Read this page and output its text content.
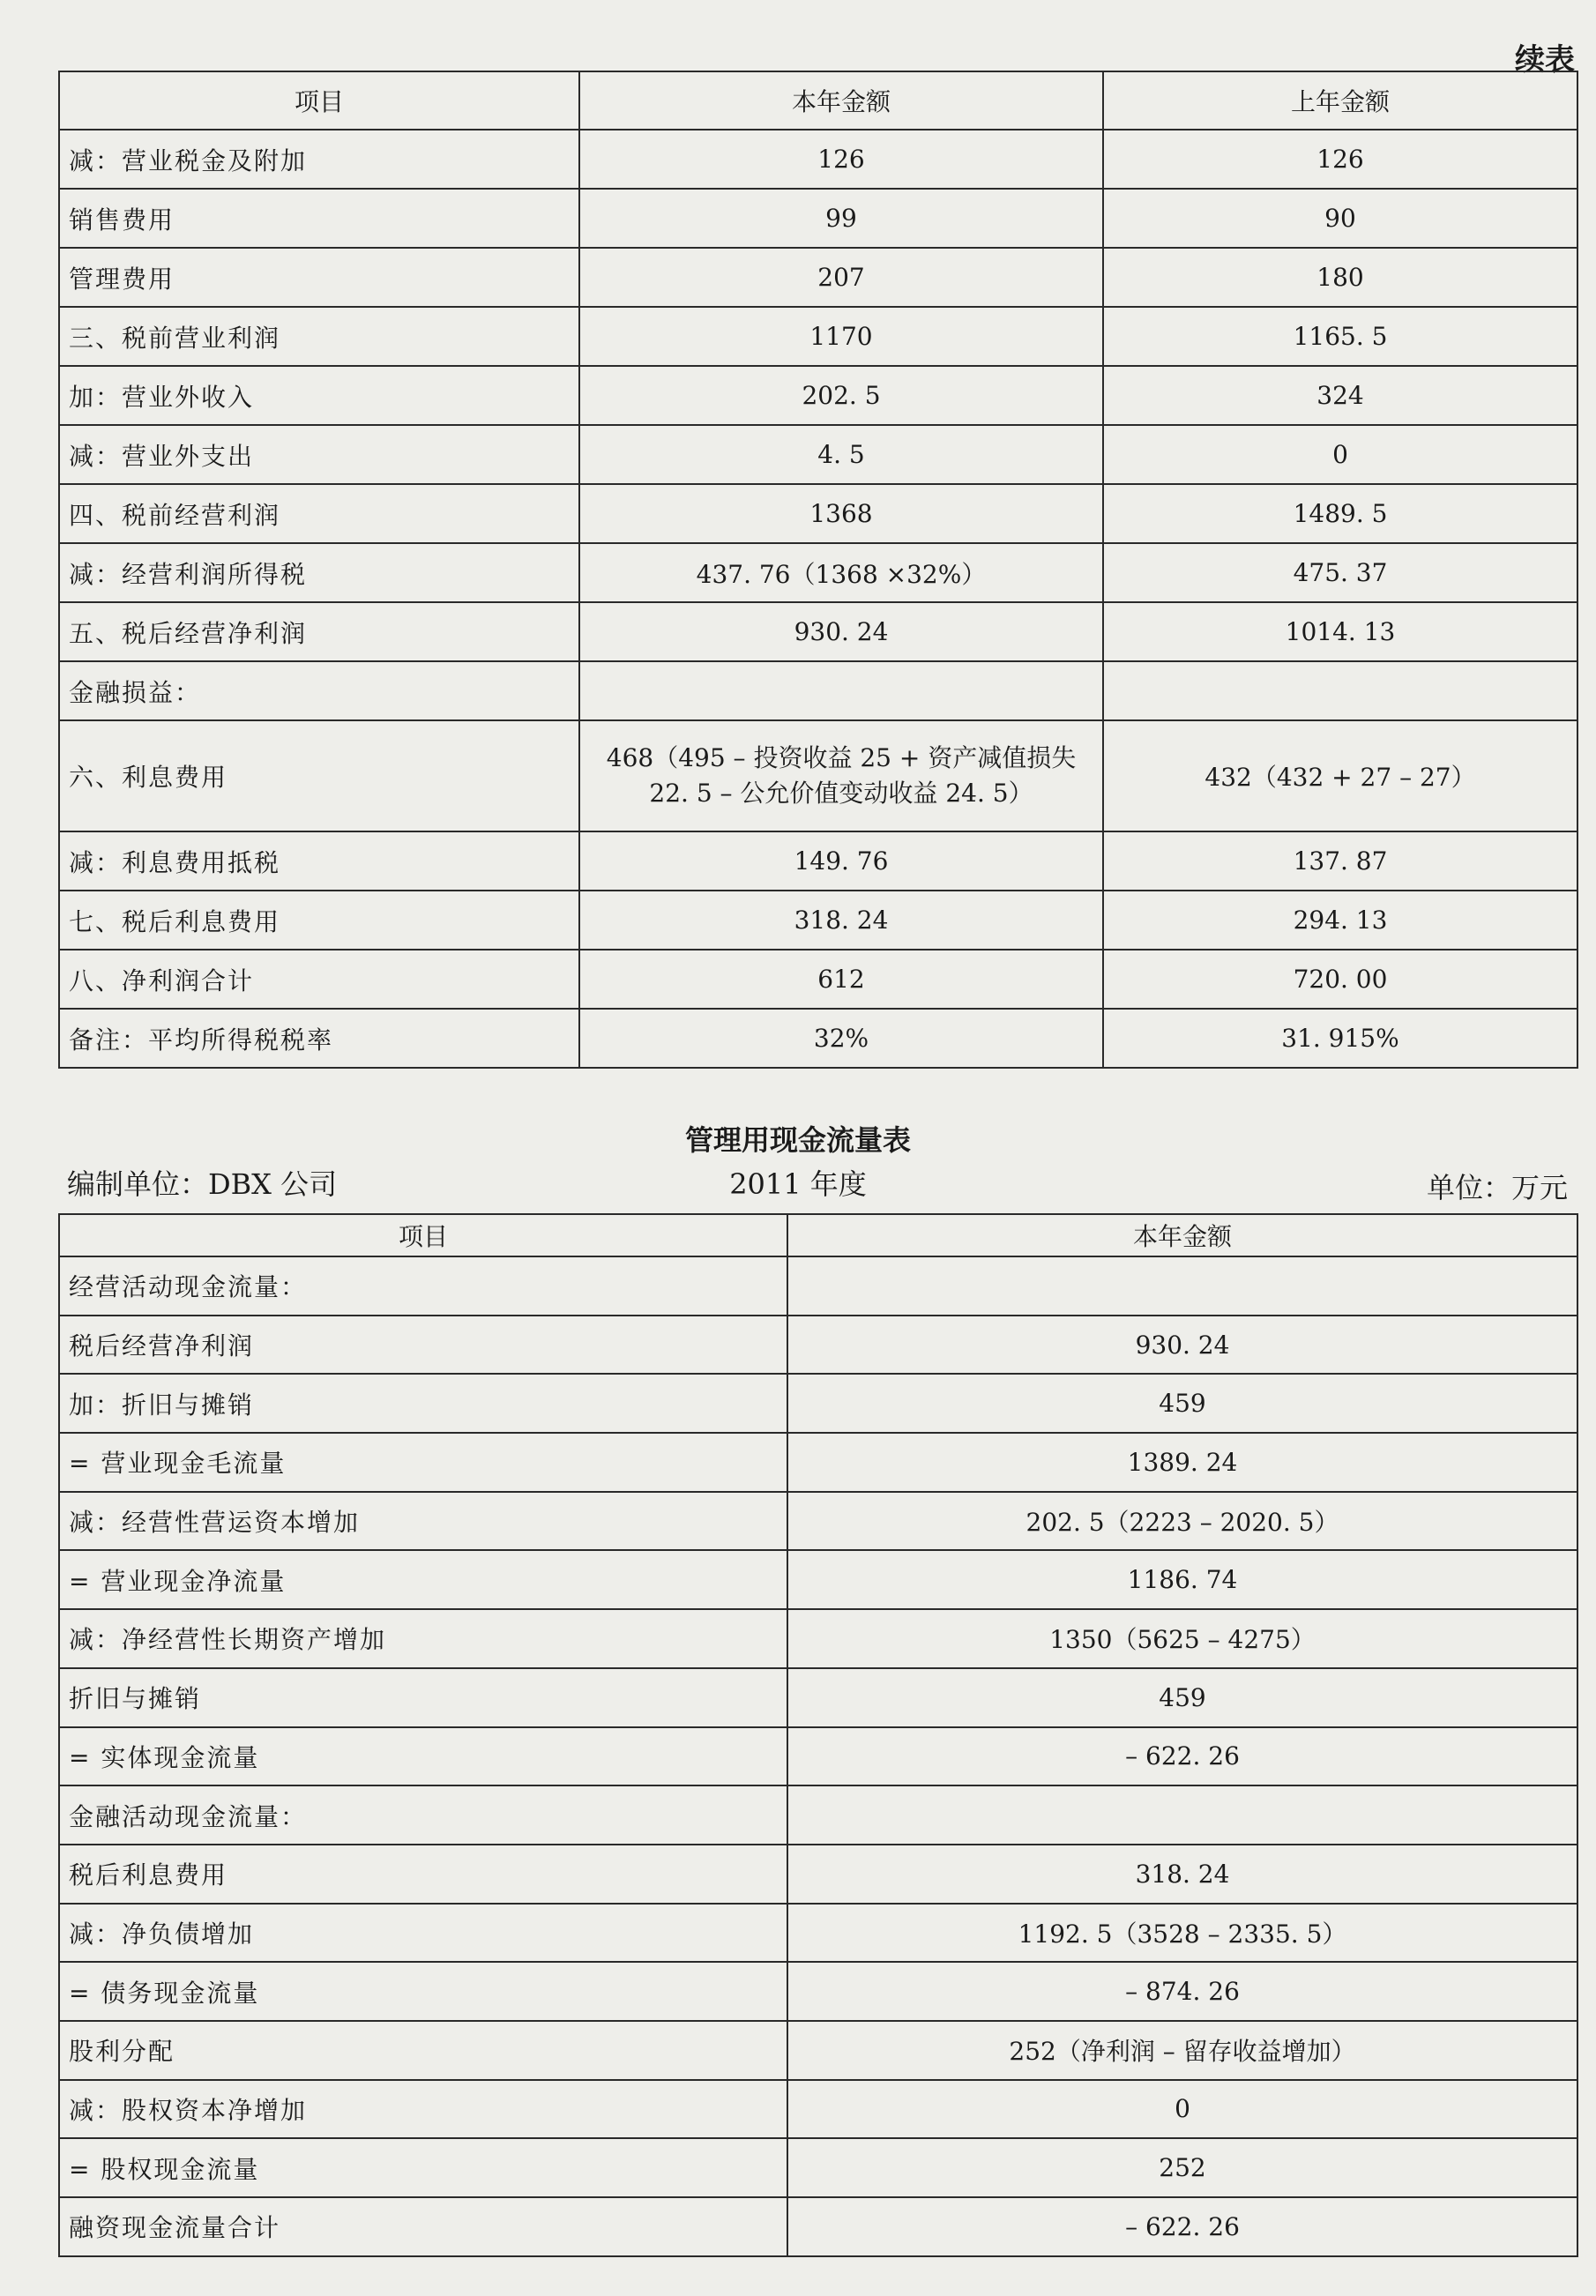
续表
项目	本年金额	上年金额
减：营业税金及附加	126	126
销售费用	99	90
管理费用	207	180
三、税前营业利润	1170	1165. 5
加：营业外收入	202. 5	324
减：营业外支出	4. 5	0
四、税前经营利润	1368	1489. 5
减：经营利润所得税	437. 76（1368 ×32%）	475. 37
五、税后经营净利润	930. 24	1014. 13
金融损益：		
六、利息费用	468（495 – 投资收益 25 + 资产减值损失 22. 5 – 公允价值变动收益 24. 5）	432（432 + 27 – 27）
减：利息费用抵税	149. 76	137. 87
七、税后利息费用	318. 24	294. 13
八、净利润合计	612	720. 00
备注：平均所得税税率	32%	31. 915%
管理用现金流量表
编制单位：DBX 公司	2011 年度	单位：万元
项目	本年金额
经营活动现金流量：	
税后经营净利润	930. 24
加：折旧与摊销	459
= 营业现金毛流量	1389. 24
减：经营性营运资本增加	202. 5（2223 – 2020. 5）
= 营业现金净流量	1186. 74
减：净经营性长期资产增加	1350（5625 – 4275）
折旧与摊销	459
= 实体现金流量	– 622. 26
金融活动现金流量：	
税后利息费用	318. 24
减：净负债增加	1192. 5（3528 – 2335. 5）
= 债务现金流量	– 874. 26
股利分配	252（净利润 – 留存收益增加）
减：股权资本净增加	0
= 股权现金流量	252
融资现金流量合计	– 622. 26
